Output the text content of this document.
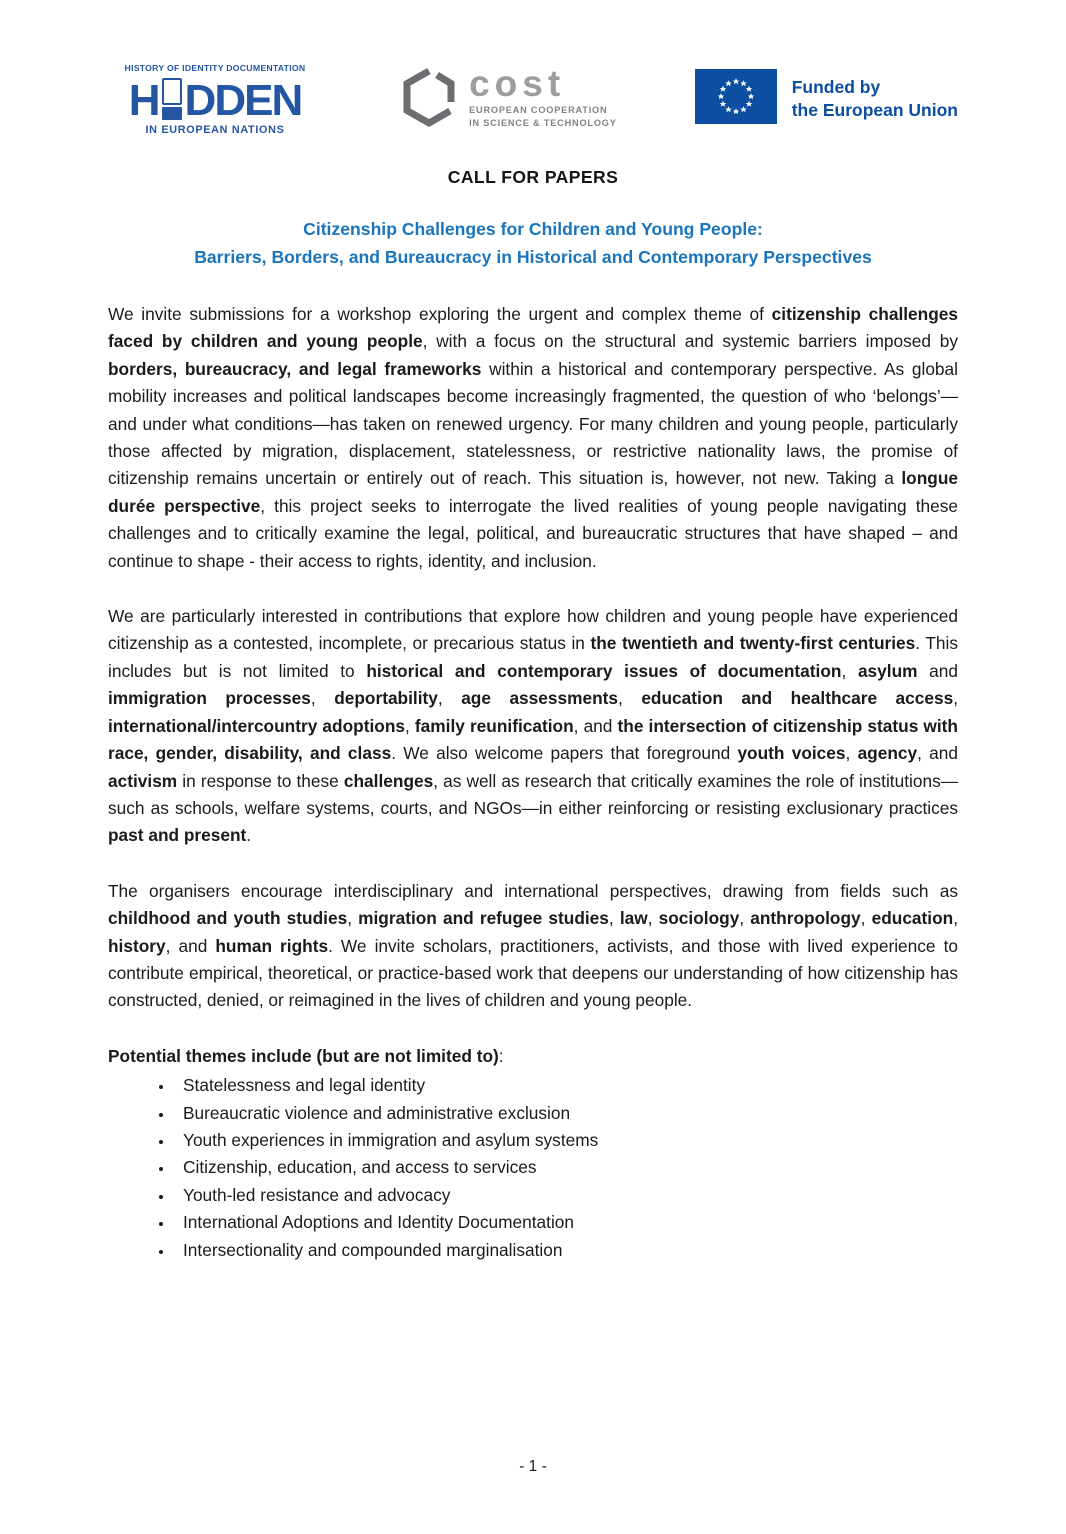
HISTORY OF IDENTITY DOCUMENTATION
H DDEN
IN EUROPEAN NATIONS
cost
EUROPEAN COOPERATION
IN SCIENCE & TECHNOLOGY
Funded by
the European Union
CALL FOR PAPERS
Citizenship Challenges for Children and Young People:
Barriers, Borders, and Bureaucracy in Historical and Contemporary Perspectives

We invite submissions for a workshop exploring the urgent and complex theme of citizenship challenges faced by children and young people, with a focus on the structural and systemic barriers imposed by borders, bureaucracy, and legal frameworks within a historical and contemporary perspective. As global mobility increases and political landscapes become increasingly fragmented, the question of who ‘belongs’—and under what conditions—has taken on renewed urgency. For many children and young people, particularly those affected by migration, displacement, statelessness, or restrictive nationality laws, the promise of citizenship remains uncertain or entirely out of reach. This situation is, however, not new. Taking a longue durée perspective, this project seeks to interrogate the lived realities of young people navigating these challenges and to critically examine the legal, political, and bureaucratic structures that have shaped – and continue to shape - their access to rights, identity, and inclusion.

We are particularly interested in contributions that explore how children and young people have experienced citizenship as a contested, incomplete, or precarious status in the twentieth and twenty-first centuries. This includes but is not limited to historical and contemporary issues of documentation, asylum and immigration processes, deportability, age assessments, education and healthcare access, international/intercountry adoptions, family reunification, and the intersection of citizenship status with race, gender, disability, and class. We also welcome papers that foreground youth voices, agency, and activism in response to these challenges, as well as research that critically examines the role of institutions—such as schools, welfare systems, courts, and NGOs—in either reinforcing or resisting exclusionary practices past and present.

The organisers encourage interdisciplinary and international perspectives, drawing from fields such as childhood and youth studies, migration and refugee studies, law, sociology, anthropology, education, history, and human rights. We invite scholars, practitioners, activists, and those with lived experience to contribute empirical, theoretical, or practice-based work that deepens our understanding of how citizenship has constructed, denied, or reimagined in the lives of children and young people.

Potential themes include (but are not limited to):

• Statelessness and legal identity
• Bureaucratic violence and administrative exclusion
• Youth experiences in immigration and asylum systems
• Citizenship, education, and access to services
• Youth-led resistance and advocacy
• International Adoptions and Identity Documentation
• Intersectionality and compounded marginalisation
- 1 -
